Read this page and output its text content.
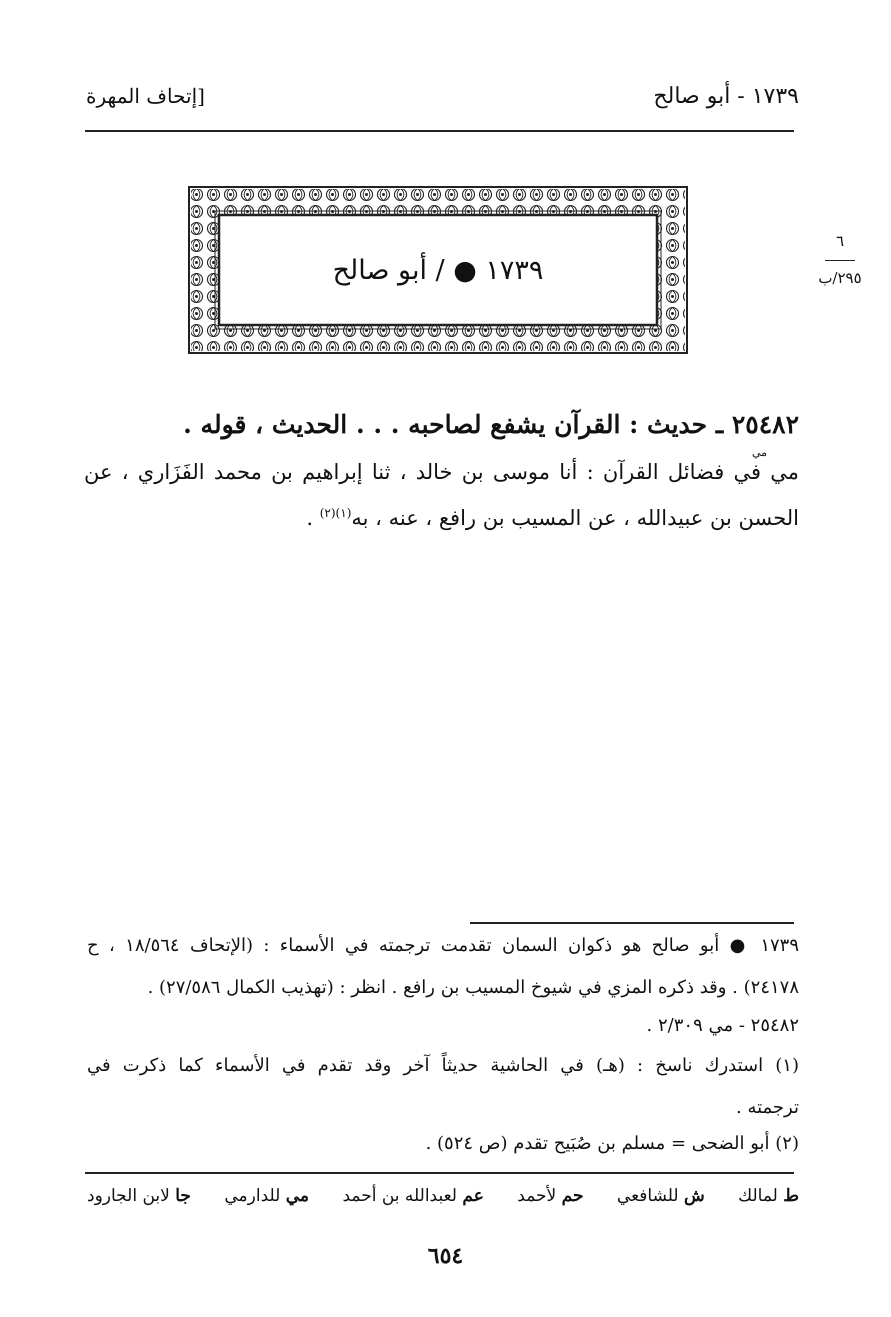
١٧٣٩ - أبو صالح
[إتحاف المهرة
١٧٣٩ ● / أبو صالح
٦
٢٩٥/ب
٢٥٤٨٢ ـ حديث : القرآن يشفع لصاحبه . . . الحديث ، قوله .
مي
مي في فضائل القرآن : أنا موسى بن خالد ، ثنا إبراهيم بن محمد الفَزَاري ، عن
الحسن بن عبيدالله ، عن المسيب بن رافع ، عنه ، به$^{(١)(٢)}$ .
١٧٣٩ ● أبو صالح هو ذكوان السمان تقدمت ترجمته في الأسماء : (الإتحاف ١٨/٥٦٤ ، ح
٢٤١٧٨) . وقد ذكره المزي في شيوخ المسيب بن رافع . انظر : (تهذيب الكمال ٢٧/٥٨٦) .
٢٥٤٨٢ - مي ٢/٣٠٩ .
(١) استدرك ناسخ : (هـ) في الحاشية حديثاً آخر وقد تقدم في الأسماء كما ذكرت في
ترجمته .
(٢) أبو الضحى = مسلم بن صُبَيح تقدم (ص ٥٢٤) .
ط لمالك
ش للشافعي
حم لأحمد
عم لعبدالله بن أحمد
مي للدارمي
جا لابن الجارود
٦٥٤
